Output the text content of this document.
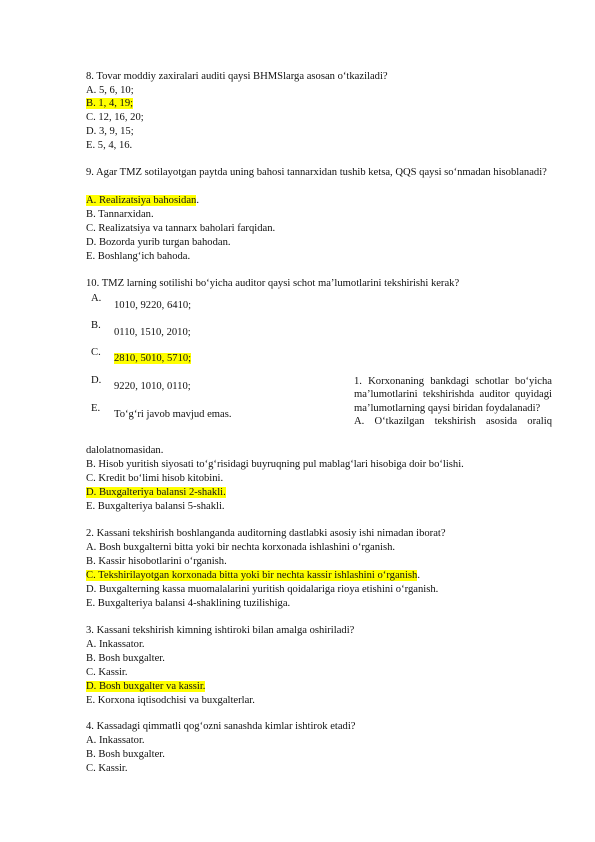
8. Tovar moddiy zaxiralari auditi qaysi BHMSlarga asosan o‘tkaziladi?
A. 5, 6, 10;
B. 1, 4, 19;
C. 12, 16, 20;
D. 3, 9, 15;
E. 5, 4, 16.
9. Agar TMZ sotilayotgan paytda uning bahosi tannarxidan tushib ketsa, QQS qaysi so‘nmadan hisoblanadi?
A. Realizatsiya bahosidan.
B. Tannarxidan.
C. Realizatsiya va tannarx baholari farqidan.
D. Bozorda yurib turgan bahodan.
E. Boshlang‘ich bahoda.
10. TMZ larning sotilishi bo‘yicha auditor qaysi schot ma’lumotlarini tekshirishi kerak?
A.
1010, 9220, 6410;
B.
0110, 1510, 2010;
C.
2810, 5010, 5710;
D.
9220, 1010, 0110;
E.
To‘g‘ri javob mavjud emas.
1. Korxonaning bankdagi schotlar bo‘yicha ma’lumotlarini tekshirishda auditor quyidagi ma’lumotlarning qaysi biridan foydalanadi?
A. O‘tkazilgan tekshirish asosida oraliq
dalolatnomasidan.
B. Hisob yuritish siyosati to‘g‘risidagi buyruqning pul mablag‘lari hisobiga doir bo‘lishi.
C. Kredit bo‘limi hisob kitobini.
D. Buxgalteriya balansi 2-shakli.
E. Buxgalteriya balansi 5-shakli.
2. Kassani tekshirish boshlanganda auditorning dastlabki asosiy ishi nimadan iborat?
A. Bosh buxgalterni bitta yoki bir nechta korxonada ishlashini o‘rganish.
B. Kassir hisobotlarini o‘rganish.
C. Tekshirilayotgan korxonada bitta yoki bir nechta kassir ishlashini o‘rganish.
D. Buxgalterning kassa muomalalarini yuritish qoidalariga rioya etishini o‘rganish.
E. Buxgalteriya balansi 4-shaklining tuzilishiga.
3. Kassani tekshirish kimning ishtiroki bilan amalga oshiriladi?
A. Inkassator.
B. Bosh buxgalter.
C. Kassir.
D. Bosh buxgalter va kassir.
E. Korxona iqtisodchisi va buxgalterlar.
4. Kassadagi qimmatli qog‘ozni sanashda kimlar ishtirok etadi?
A. Inkassator.
B. Bosh buxgalter.
C. Kassir.
